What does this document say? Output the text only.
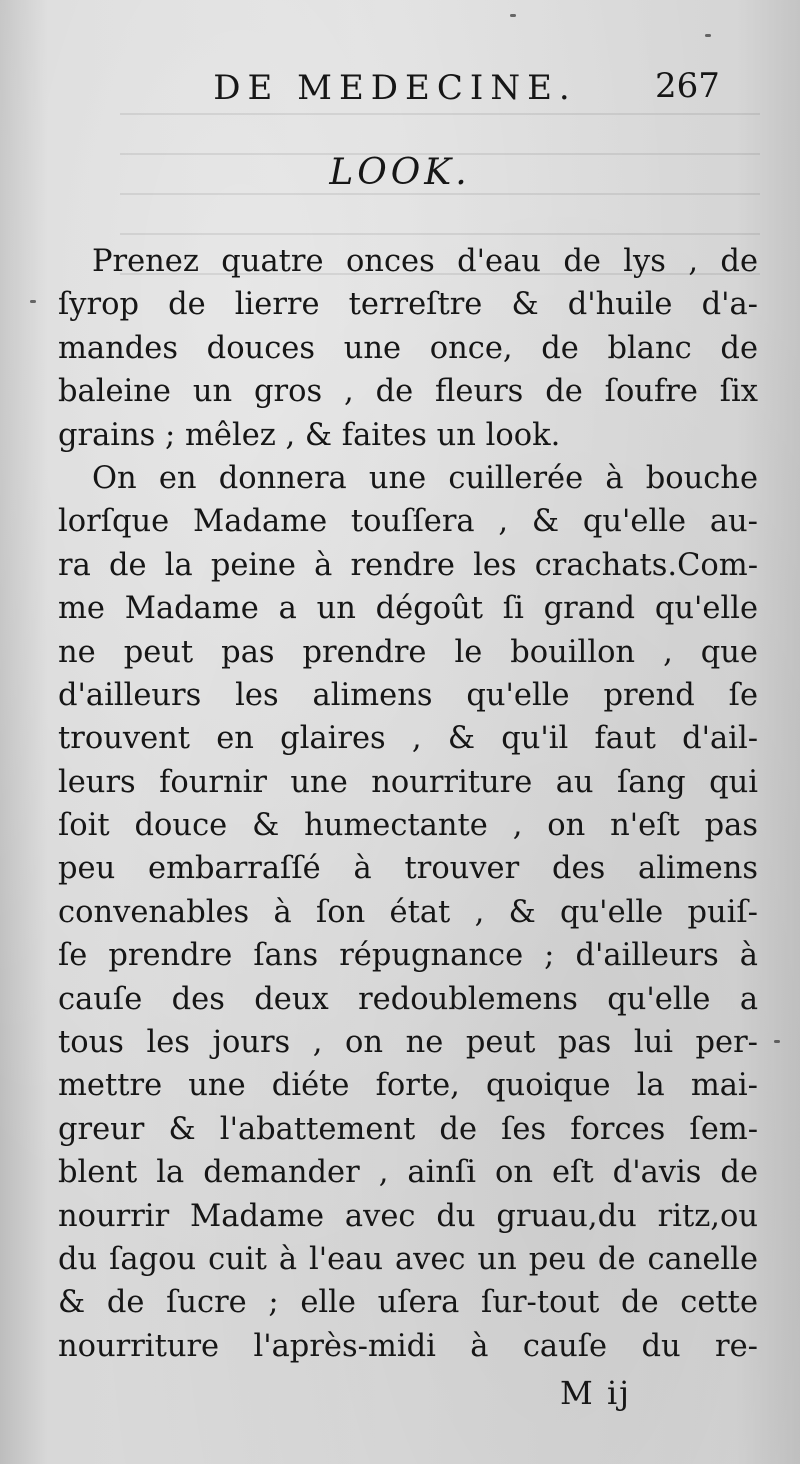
DE MEDECINE. 267
LOOK.
Prenez quatre onces d'eau de lys , de
ſyrop de lierre terreſtre & d'huile d'a-
mandes douces une once, de blanc de
baleine un gros , de fleurs de ſoufre ſix
grains ; mêlez , & faites un look.
On en donnera une cuillerée à bouche
lorſque Madame touſſera , & qu'elle au-
ra de la peine à rendre les crachats.Com-
me Madame a un dégoût ſi grand qu'elle
ne peut pas prendre le bouillon , que
d'ailleurs les alimens qu'elle prend ſe
trouvent en glaires , & qu'il faut d'ail-
leurs fournir une nourriture au ſang qui
ſoit douce & humectante , on n'eſt pas
peu embarraſſé à trouver des alimens
convenables à ſon état , & qu'elle puiſ-
ſe prendre ſans répugnance ; d'ailleurs à
cauſe des deux redoublemens qu'elle a
tous les jours , on ne peut pas lui per-
mettre une diéte forte, quoique la mai-
greur & l'abattement de ſes forces ſem-
blent la demander , ainſi on eſt d'avis de
nourrir Madame avec du gruau,du ritz,ou
du ſagou cuit à l'eau avec un peu de canelle
& de ſucre ; elle uſera ſur-tout de cette
nourriture l'après-midi à cauſe du re-
M ij
